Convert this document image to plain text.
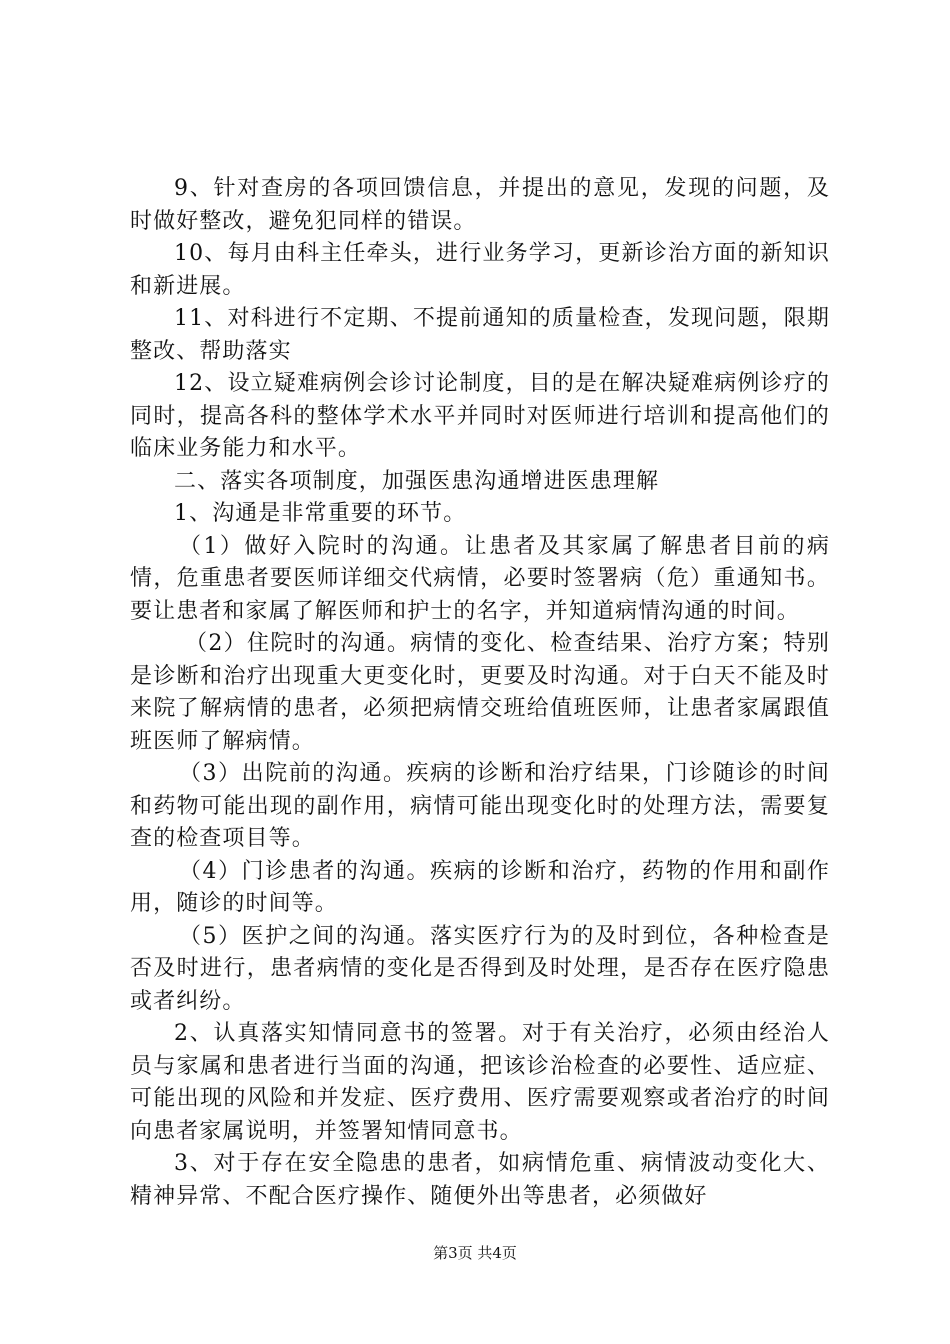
9、针对查房的各项回馈信息，并提出的意见，发现的问题，及时做好整改，避免犯同样的错误。

10、每月由科主任牵头，进行业务学习，更新诊治方面的新知识和新进展。

11、对科进行不定期、不提前通知的质量检查，发现问题，限期整改、帮助落实

12、设立疑难病例会诊讨论制度，目的是在解决疑难病例诊疗的同时，提高各科的整体学术水平并同时对医师进行培训和提高他们的临床业务能力和水平。

二、落实各项制度，加强医患沟通增进医患理解

1、沟通是非常重要的环节。

（1）做好入院时的沟通。让患者及其家属了解患者目前的病情，危重患者要医师详细交代病情，必要时签署病（危）重通知书。要让患者和家属了解医师和护士的名字，并知道病情沟通的时间。

（2）住院时的沟通。病情的变化、检查结果、治疗方案；特别是诊断和治疗出现重大更变化时，更要及时沟通。对于白天不能及时来院了解病情的患者，必须把病情交班给值班医师，让患者家属跟值班医师了解病情。

（3）出院前的沟通。疾病的诊断和治疗结果，门诊随诊的时间和药物可能出现的副作用，病情可能出现变化时的处理方法，需要复查的检查项目等。

（4）门诊患者的沟通。疾病的诊断和治疗，药物的作用和副作用，随诊的时间等。

（5）医护之间的沟通。落实医疗行为的及时到位，各种检查是否及时进行，患者病情的变化是否得到及时处理，是否存在医疗隐患或者纠纷。

2、认真落实知情同意书的签署。对于有关治疗，必须由经治人员与家属和患者进行当面的沟通，把该诊治检查的必要性、适应症、可能出现的风险和并发症、医疗费用、医疗需要观察或者治疗的时间向患者家属说明，并签署知情同意书。

3、对于存在安全隐患的患者，如病情危重、病情波动变化大、精神异常、不配合医疗操作、随便外出等患者，必须做好

第3页 共4页
